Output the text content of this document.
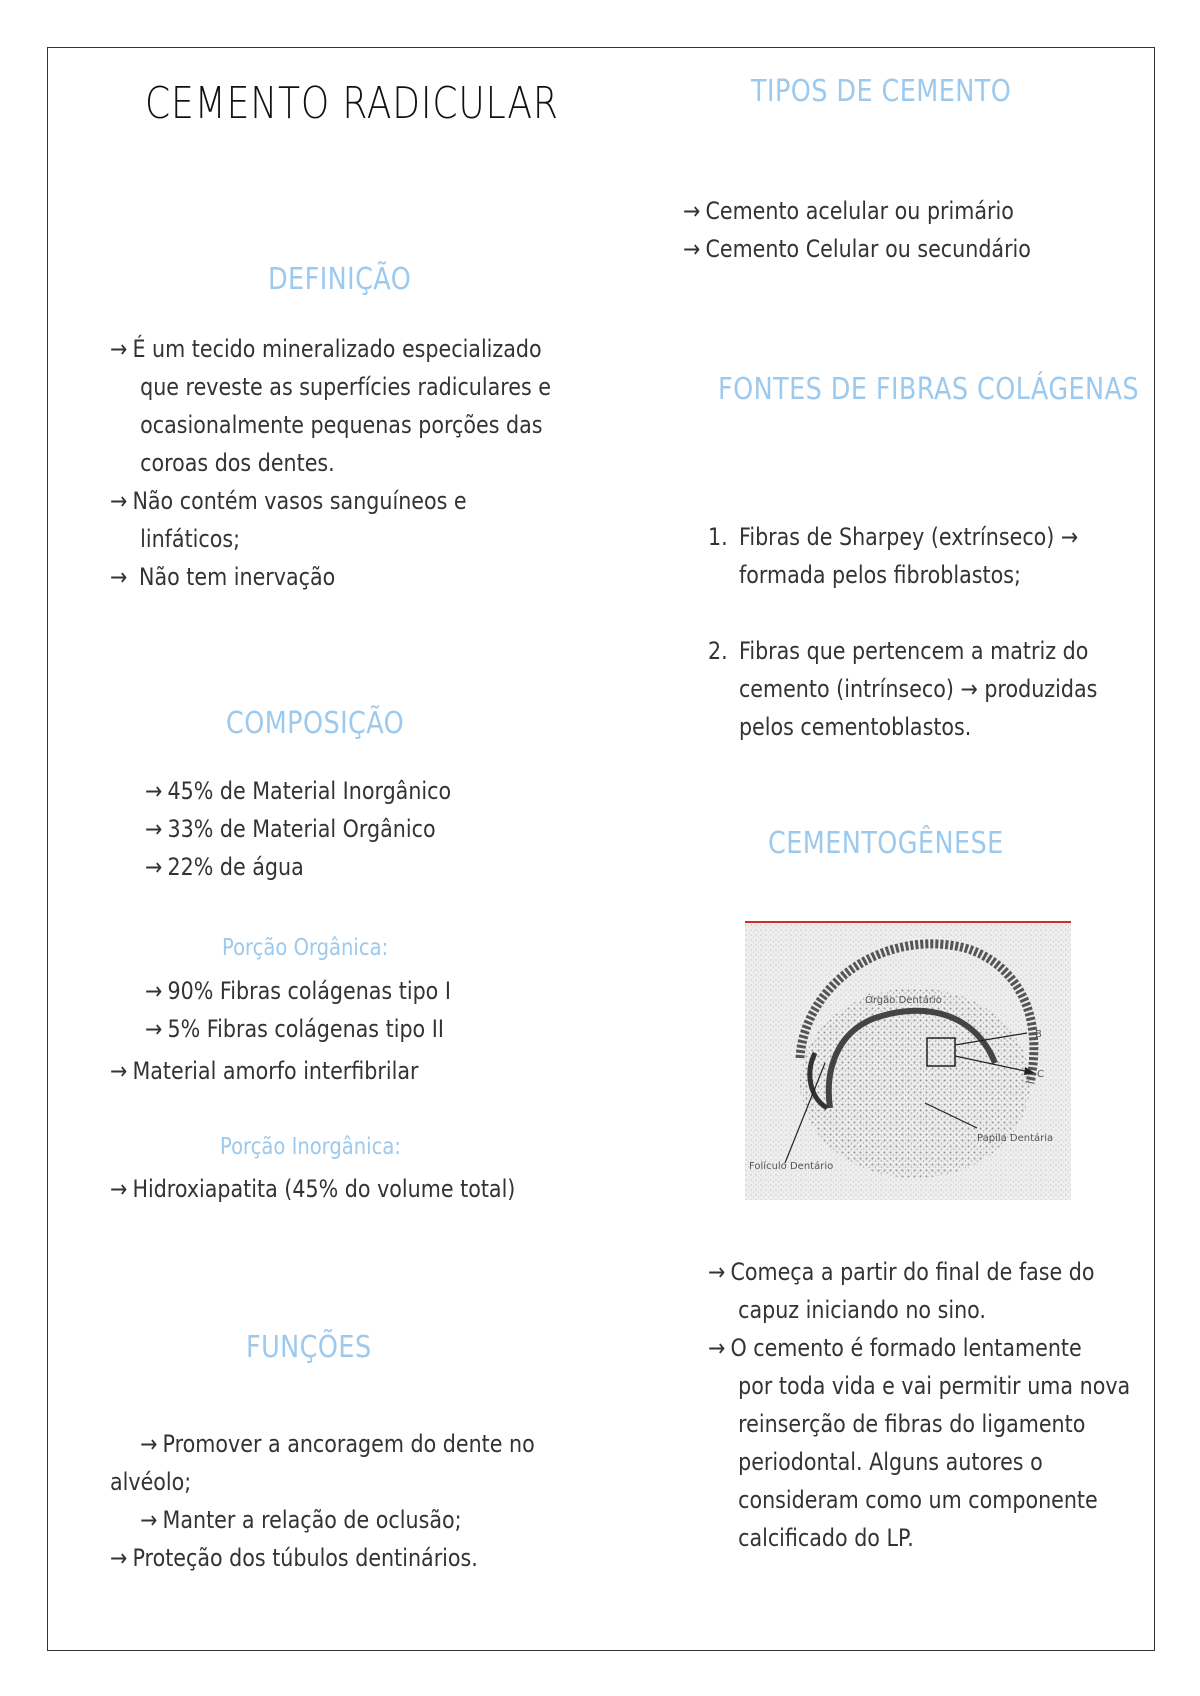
CEMENTO RADICULAR
DEFINIÇÃO
→ É um tecido mineralizado especializado
que reveste as superfícies radiculares e
ocasionalmente pequenas porções das
coroas dos dentes.
→ Não contém vasos sanguíneos e
linfáticos;
→ Não tem inervação
COMPOSIÇÃO
→ 45% de Material Inorgânico
→ 33% de Material Orgânico
→ 22% de água
Porção Orgânica:
→ 90% Fibras colágenas tipo I
→ 5% Fibras colágenas tipo II
→ Material amorfo interfibrilar
Porção Inorgânica:
→ Hidroxiapatita (45% do volume total)
FUNÇÕES
→ Promover a ancoragem do dente no
alvéolo;
→ Manter a relação de oclusão;
→ Proteção dos túbulos dentinários.
TIPOS DE CEMENTO
→ Cemento acelular ou primário
→ Cemento Celular ou secundário
FONTES DE FIBRAS COLÁGENAS
1. Fibras de Sharpey (extrínseco) →
formada pelos fibroblastos;
2. Fibras que pertencem a matriz do
cemento (intrínseco) → produzidas
pelos cementoblastos.
CEMENTOGÊNESE
Órgão Dentário
B
C
Papila Dentária
Folículo Dentário
→ Começa a partir do final de fase do
capuz iniciando no sino.
→ O cemento é formado lentamente
por toda vida e vai permitir uma nova
reinserção de fibras do ligamento
periodontal. Alguns autores o
consideram como um componente
calcificado do LP.
